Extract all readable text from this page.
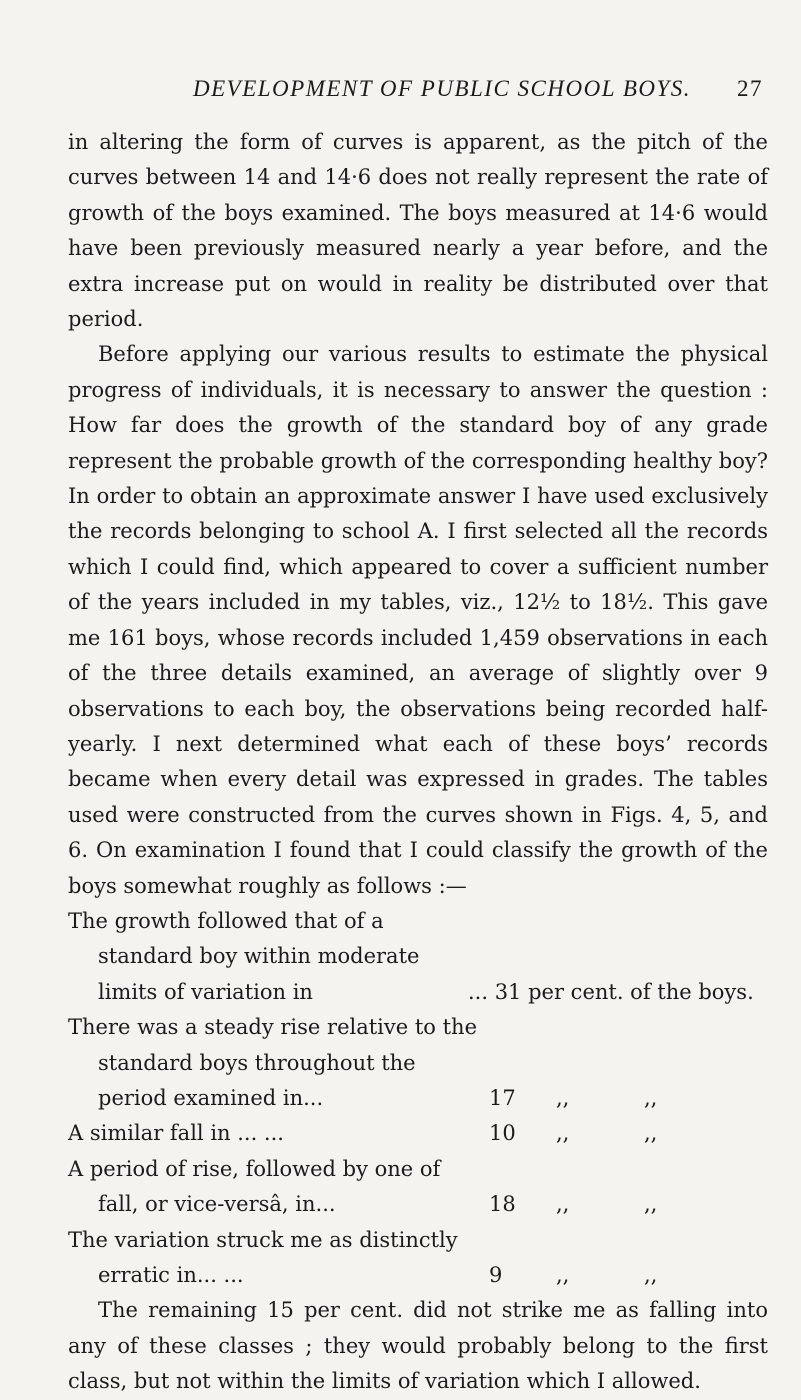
DEVELOPMENT OF PUBLIC SCHOOL BOYS. 27

in altering the form of curves is apparent, as the pitch of the curves between 14 and 14·6 does not really represent the rate of growth of the boys examined. The boys measured at 14·6 would have been previously measured nearly a year before, and the extra increase put on would in reality be distributed over that period.

Before applying our various results to estimate the physical progress of individuals, it is necessary to answer the question : How far does the growth of the standard boy of any grade represent the probable growth of the corresponding healthy boy? In order to obtain an approximate answer I have used exclusively the records belonging to school A. I first selected all the records which I could find, which appeared to cover a sufficient number of the years included in my tables, viz., 12½ to 18½. This gave me 161 boys, whose records included 1,459 observations in each of the three details examined, an average of slightly over 9 observations to each boy, the observations being recorded half-yearly. I next determined what each of these boys’ records became when every detail was expressed in grades. The tables used were constructed from the curves shown in Figs. 4, 5, and 6. On examination I found that I could classify the growth of the boys somewhat roughly as follows :—

The growth followed that of a standard boy within moderate limits of variation in	... 31 per cent. of the boys.
There was a steady rise relative to the standard boys throughout the period examined in...	17 ,,	,,
A similar fall in ... ...	10 ,,	,,
A period of rise, followed by one of fall, or vice-versâ, in...	18 ,,	,,
The variation struck me as distinctly erratic in... ...	9	,,	,,

The remaining 15 per cent. did not strike me as falling into any of these classes ; they would probably belong to the first class, but not within the limits of variation which I allowed.
